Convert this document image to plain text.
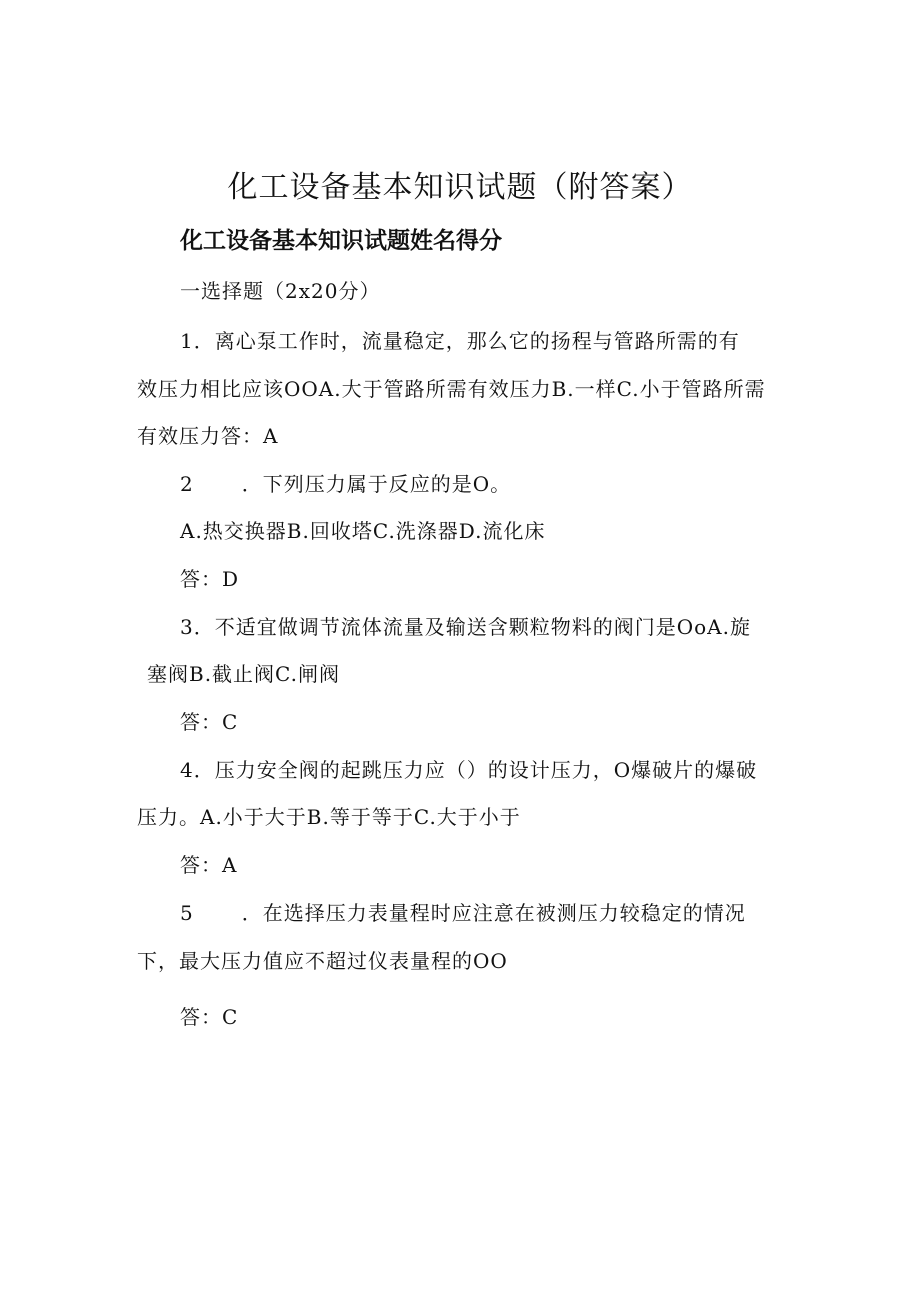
化工设备基本知识试题（附答案）
化工设备基本知识试题姓名得分
一选择题（2x20分）
1．离心泵工作时，流量稳定，那么它的扬程与管路所需的有
效压力相比应该OOA.大于管路所需有效压力B.一样C.小于管路所需
有效压力答：A
2 ．下列压力属于反应的是O。
A.热交换器B.回收塔C.洗涤器D.流化床
答：D
3．不适宜做调节流体流量及输送含颗粒物料的阀门是OoA.旋
塞阀B.截止阀C.闸阀
答：C
4．压力安全阀的起跳压力应（）的设计压力，O爆破片的爆破
压力。A.小于大于B.等于等于C.大于小于
答：A
5 ．在选择压力表量程时应注意在被测压力较稳定的情况
下，最大压力值应不超过仪表量程的OO
答：C
